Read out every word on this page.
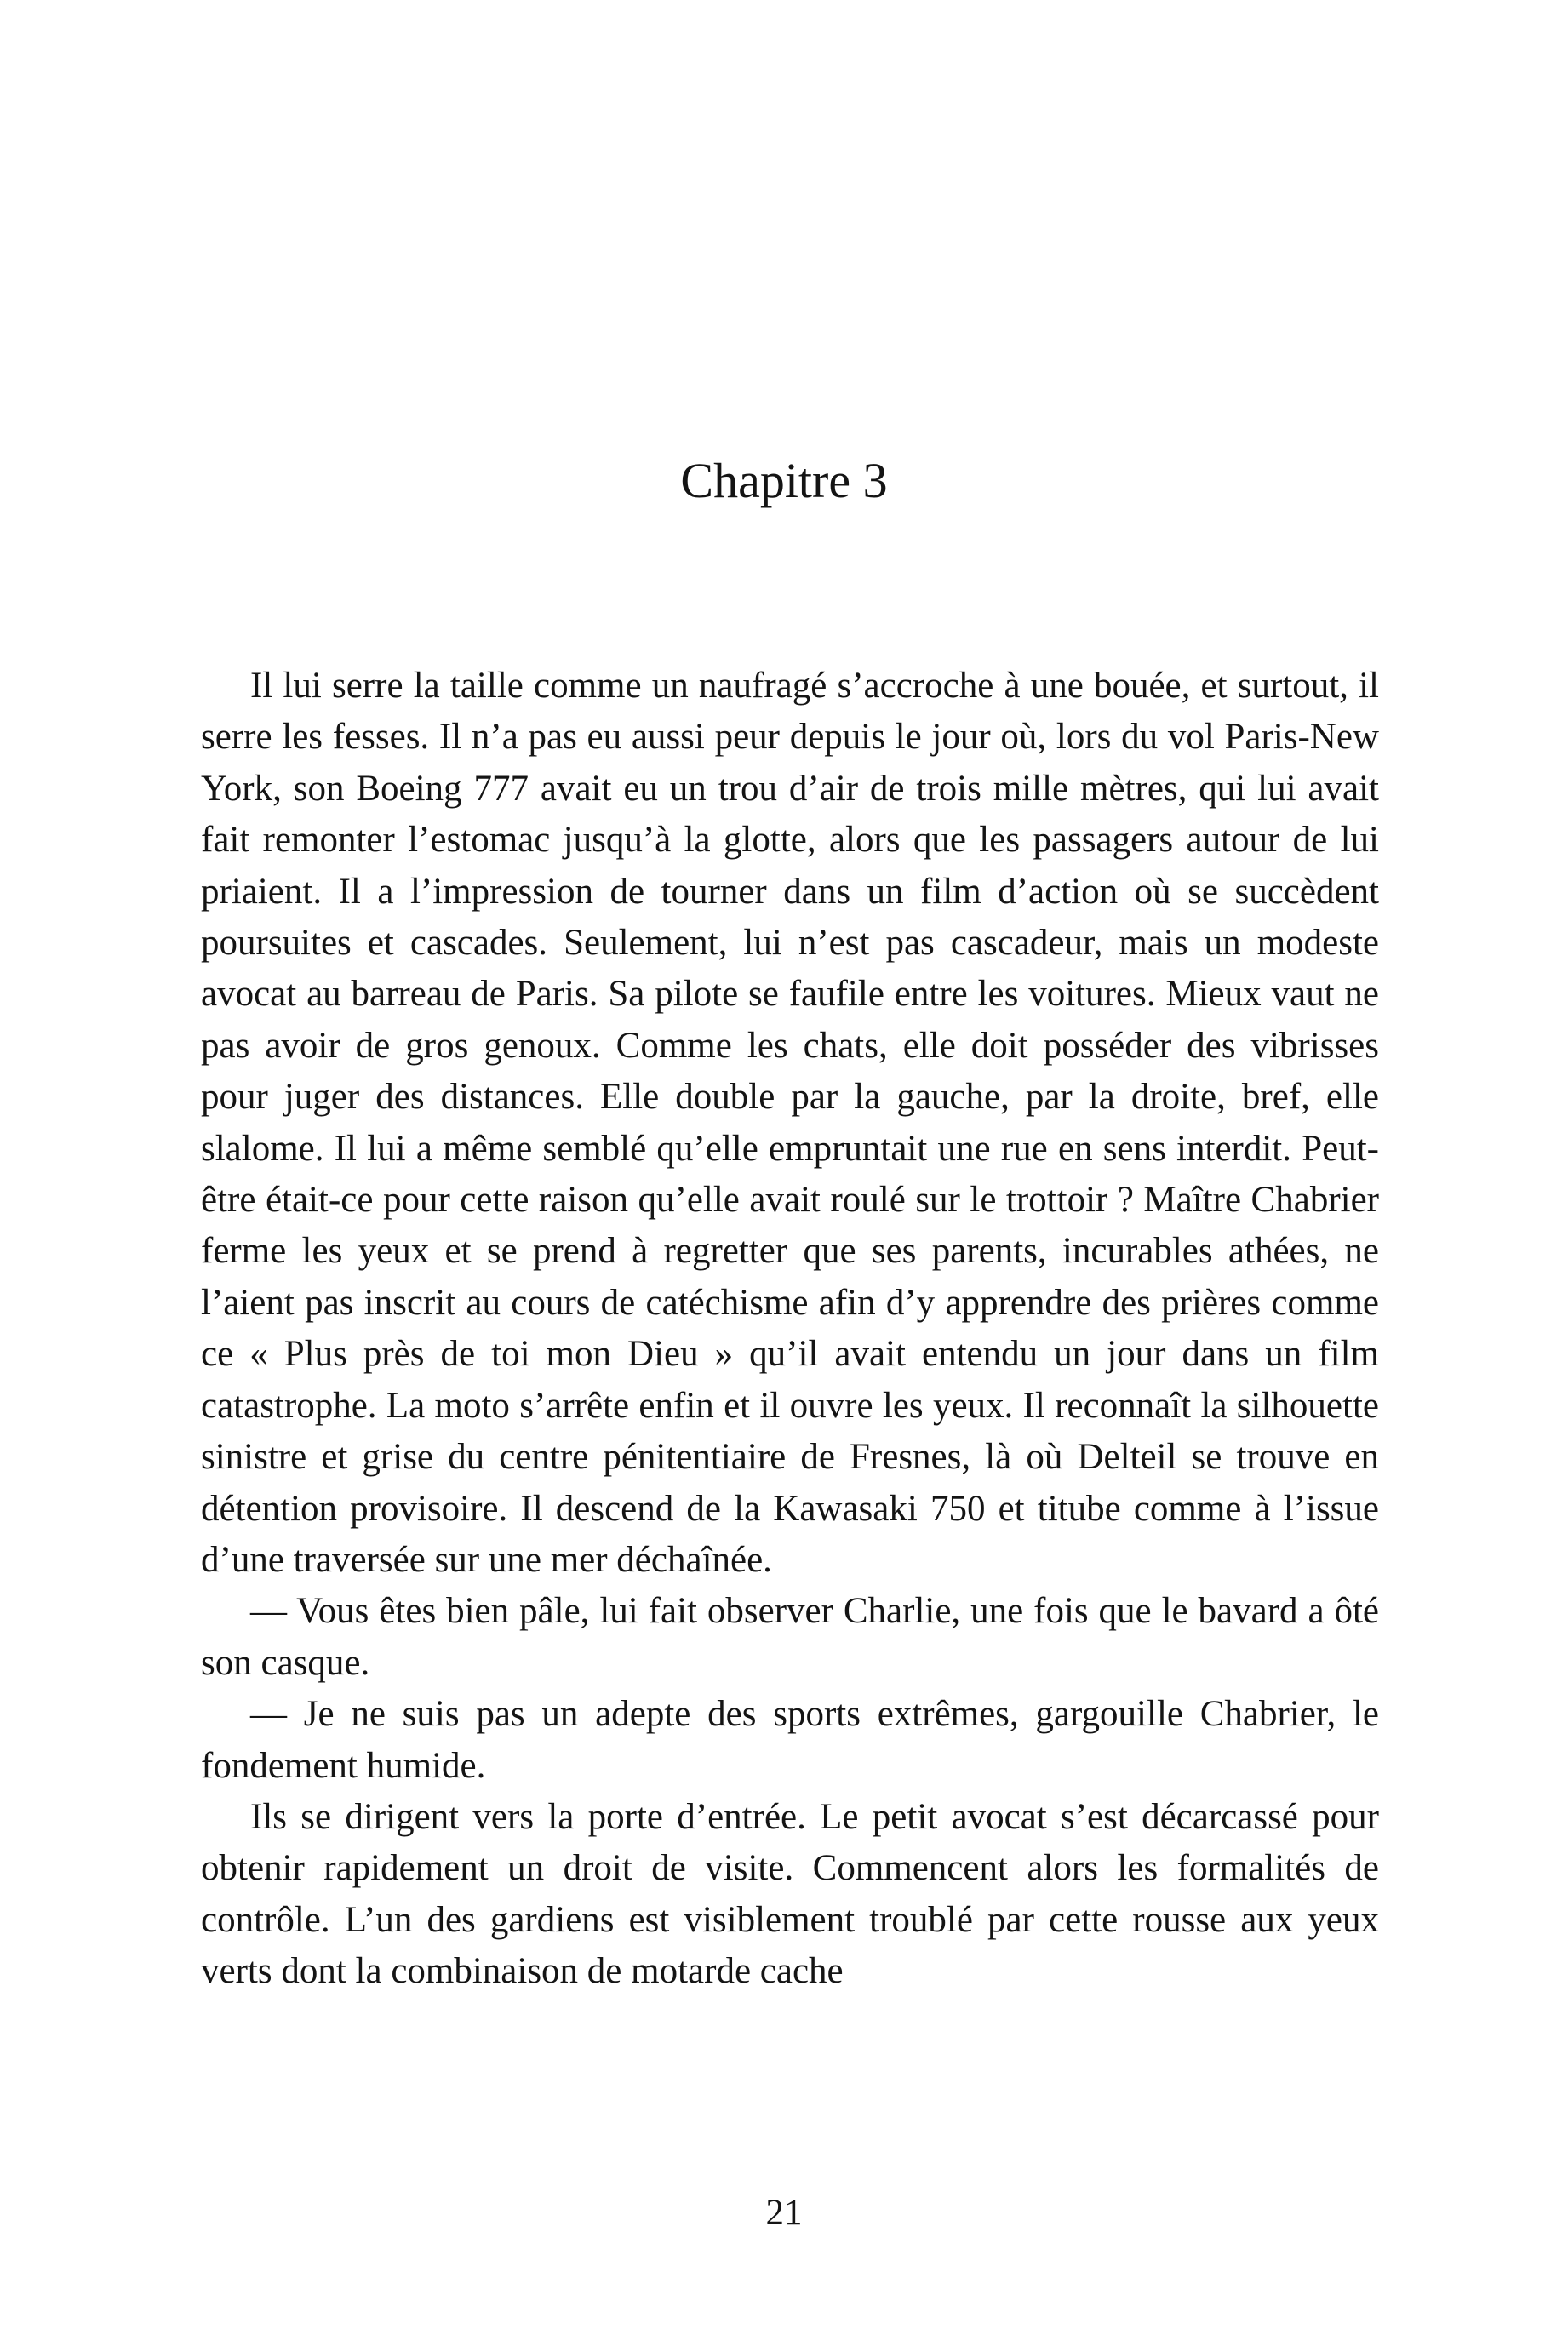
Chapitre 3

Il lui serre la taille comme un naufragé s’accroche à une bouée, et surtout, il serre les fesses. Il n’a pas eu aussi peur depuis le jour où, lors du vol Paris-New York, son Boeing 777 avait eu un trou d’air de trois mille mètres, qui lui avait fait remonter l’estomac jusqu’à la glotte, alors que les passagers autour de lui priaient. Il a l’impression de tourner dans un film d’action où se succèdent poursuites et cascades. Seulement, lui n’est pas cascadeur, mais un modeste avocat au barreau de Paris. Sa pilote se faufile entre les voitures. Mieux vaut ne pas avoir de gros genoux. Comme les chats, elle doit posséder des vibrisses pour juger des distances. Elle double par la gauche, par la droite, bref, elle slalome. Il lui a même semblé qu’elle empruntait une rue en sens interdit. Peut-être était-ce pour cette raison qu’elle avait roulé sur le trottoir ? Maître Chabrier ferme les yeux et se prend à regretter que ses parents, incurables athées, ne l’aient pas inscrit au cours de catéchisme afin d’y apprendre des prières comme ce « Plus près de toi mon Dieu » qu’il avait entendu un jour dans un film catastrophe. La moto s’arrête enfin et il ouvre les yeux. Il reconnaît la silhouette sinistre et grise du centre pénitentiaire de Fresnes, là où Delteil se trouve en détention provisoire. Il descend de la Kawasaki 750 et titube comme à l’issue d’une traversée sur une mer déchaînée.

— Vous êtes bien pâle, lui fait observer Charlie, une fois que le bavard a ôté son casque.

— Je ne suis pas un adepte des sports extrêmes, gargouille Chabrier, le fondement humide.

Ils se dirigent vers la porte d’entrée. Le petit avocat s’est décarcassé pour obtenir rapidement un droit de visite. Commencent alors les formalités de contrôle. L’un des gardiens est visiblement troublé par cette rousse aux yeux verts dont la combinaison de motarde cache

21
